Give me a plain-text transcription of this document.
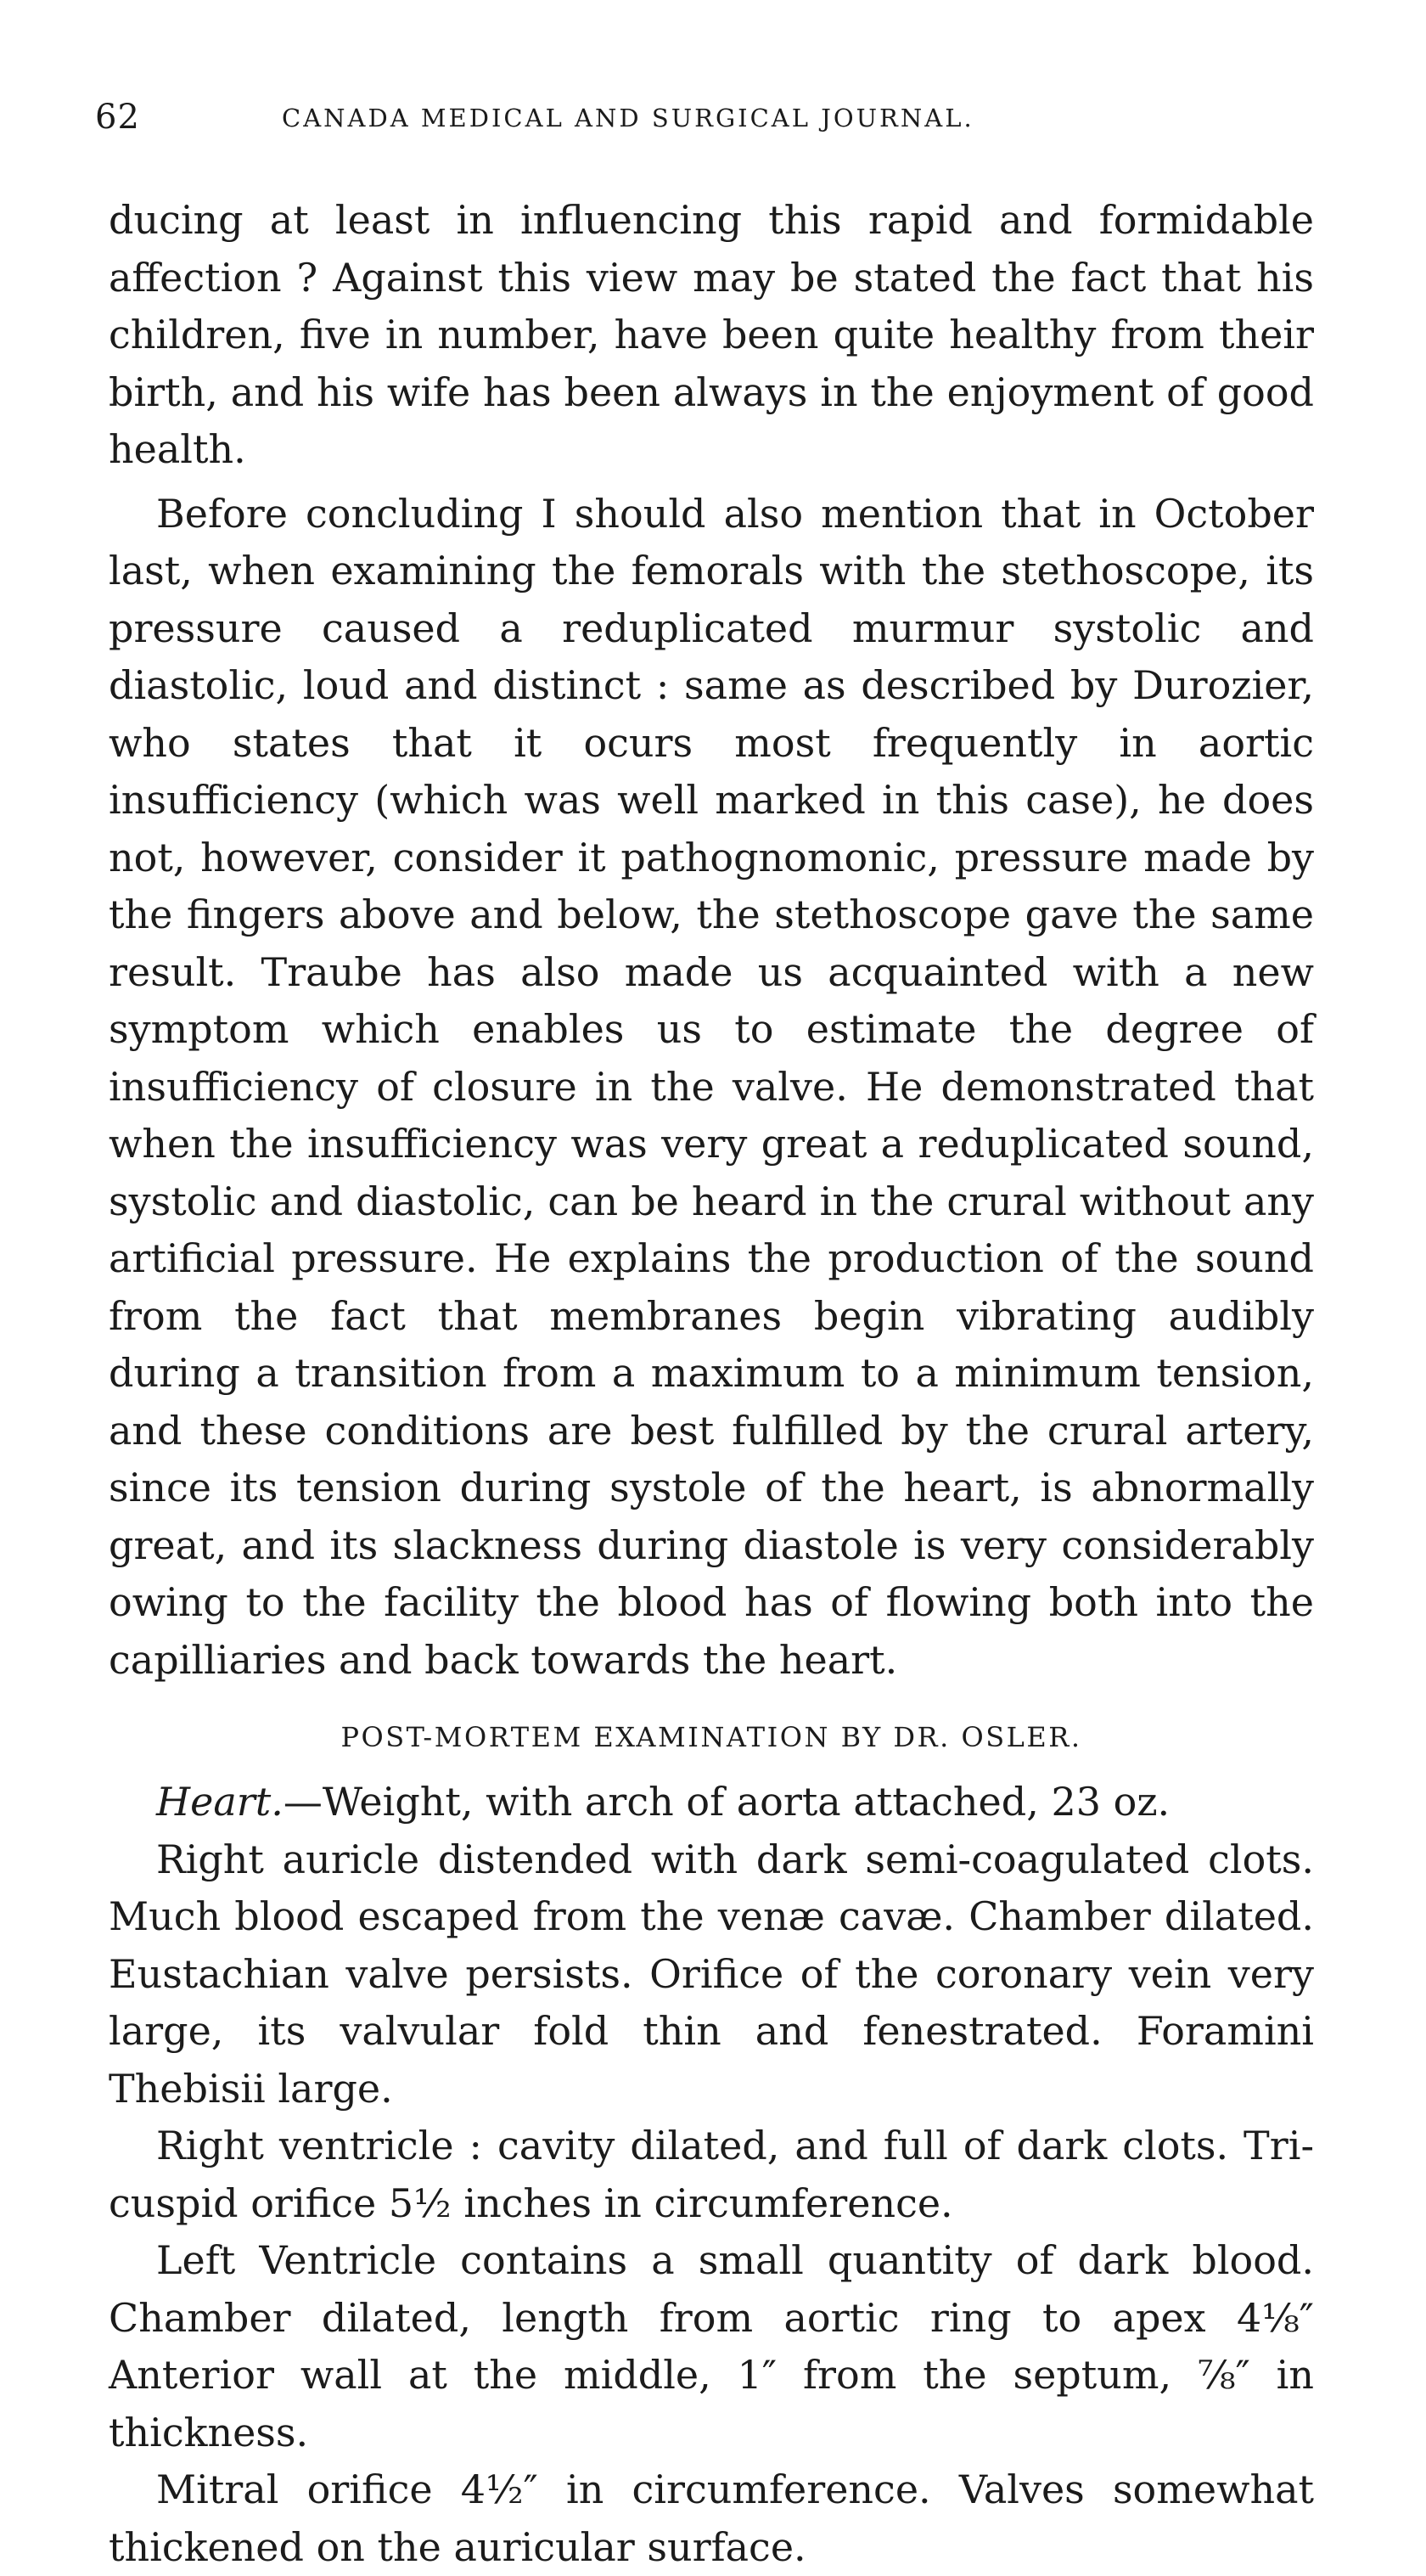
62	CANADA MEDICAL AND SURGICAL JOURNAL.

ducing at least in influencing this rapid and formidable affection ? Against this view may be stated the fact that his children, five in number, have been quite healthy from their birth, and his wife has been always in the enjoyment of good health.

Before concluding I should also mention that in October last, when examining the femorals with the stethoscope, its pressure caused a reduplicated murmur systolic and diastolic, loud and distinct : same as described by Durozier, who states that it ocurs most frequently in aortic insufficiency (which was well marked in this case), he does not, however, consider it pathognomonic, pressure made by the fingers above and below, the stethoscope gave the same result. Traube has also made us acquainted with a new symptom which enables us to estimate the degree of insufficiency of closure in the valve. He demonstrated that when the insufficiency was very great a reduplicated sound, systolic and diastolic, can be heard in the crural without any artificial pressure. He explains the production of the sound from the fact that membranes begin vibrating audibly during a transition from a maximum to a minimum tension, and these conditions are best fulfilled by the crural artery, since its tension during systole of the heart, is abnormally great, and its slackness during diastole is very considerably owing to the facility the blood has of flowing both into the capilliaries and back towards the heart.

POST-MORTEM EXAMINATION BY DR. OSLER.

Heart.—Weight, with arch of aorta attached, 23 oz.

Right auricle distended with dark semi-coagulated clots. Much blood escaped from the venæ cavæ. Chamber dilated. Eustachian valve persists. Orifice of the coronary vein very large, its valvular fold thin and fenestrated. Foramini Thebisii large.

Right ventricle : cavity dilated, and full of dark clots. Tricuspid orifice 5½ inches in circumference.

Left Ventricle contains a small quantity of dark blood. Chamber dilated, length from aortic ring to apex 4⅛″ Anterior wall at the middle, 1″ from the septum, ⅞″ in thickness.

Mitral orifice 4½″ in circumference. Valves somewhat thickened on the auricular surface.
